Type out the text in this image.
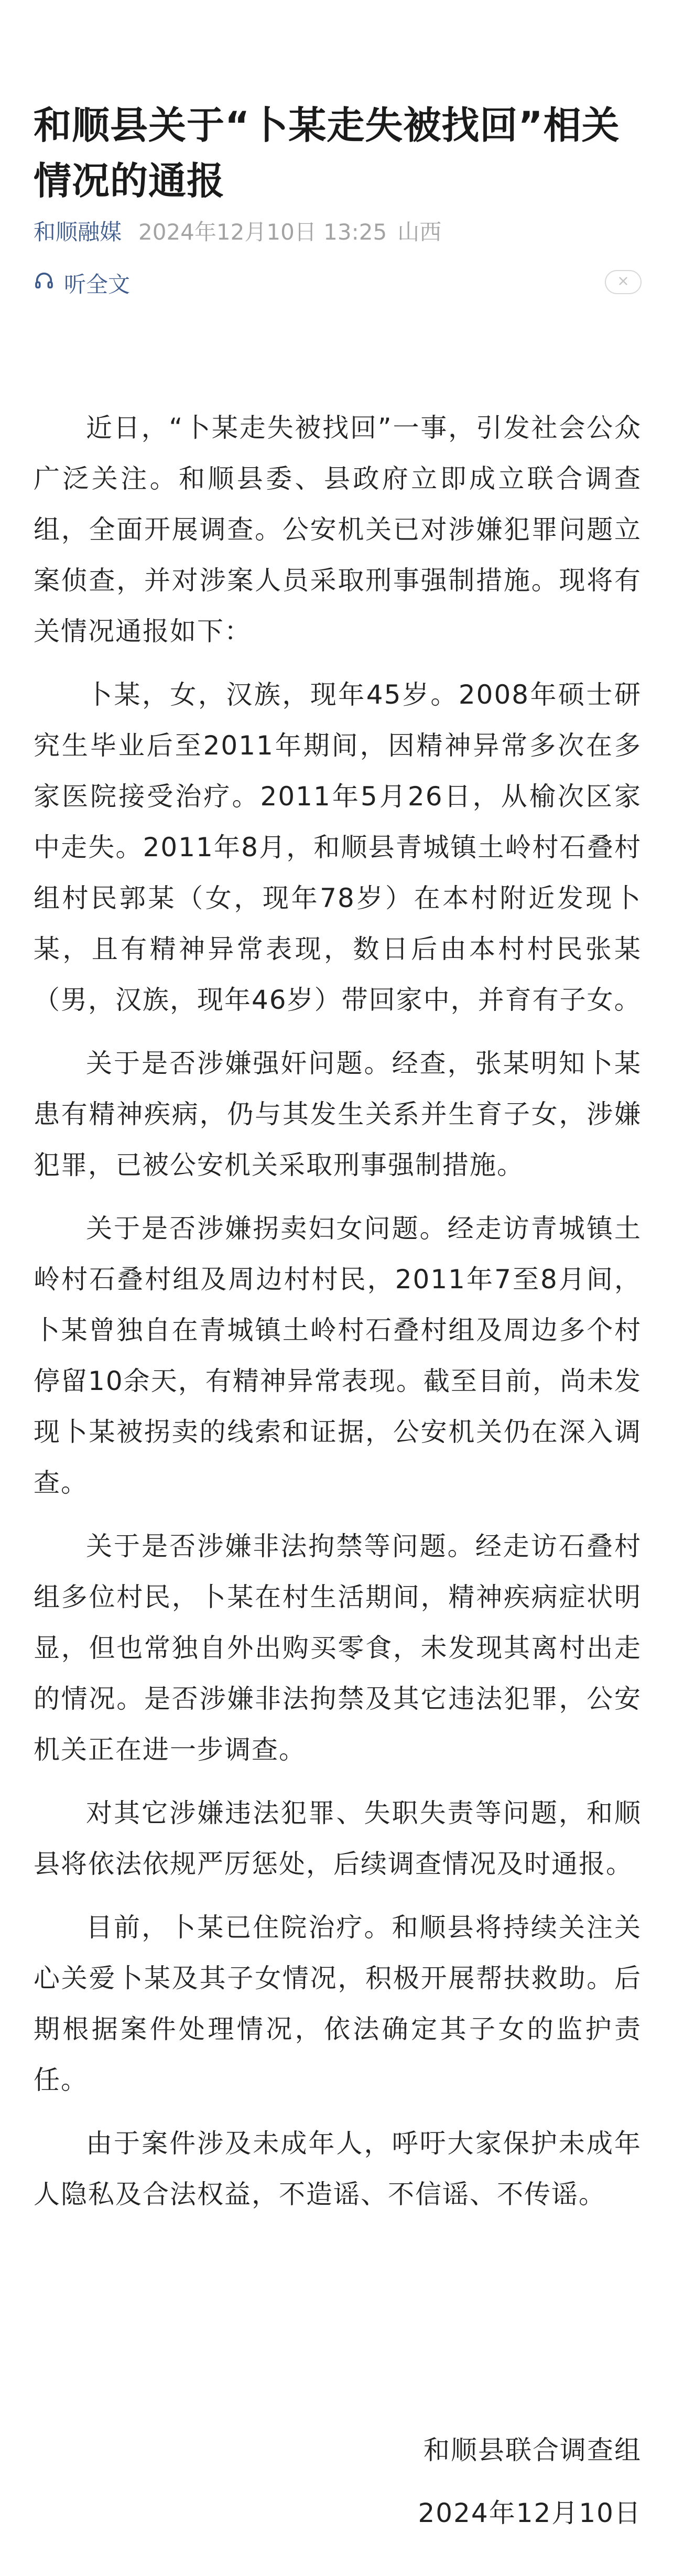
和顺县关于“卜某走失被找回”相关情况的通报
和顺融媒 2024年12月10日 13:25 山西
听全文

近日，“卜某走失被找回”一事，引发社会公众广泛关注。和顺县委、县政府立即成立联合调查组，全面开展调查。公安机关已对涉嫌犯罪问题立案侦查，并对涉案人员采取刑事强制措施。现将有关情况通报如下：

卜某，女，汉族，现年45岁。2008年硕士研究生毕业后至2011年期间，因精神异常多次在多家医院接受治疗。2011年5月26日，从榆次区家中走失。2011年8月，和顺县青城镇土岭村石叠村组村民郭某（女，现年78岁）在本村附近发现卜某，且有精神异常表现，数日后由本村村民张某（男，汉族，现年46岁）带回家中，并育有子女。

关于是否涉嫌强奸问题。经查，张某明知卜某患有精神疾病，仍与其发生关系并生育子女，涉嫌犯罪，已被公安机关采取刑事强制措施。

关于是否涉嫌拐卖妇女问题。经走访青城镇土岭村石叠村组及周边村村民，2011年7至8月间，卜某曾独自在青城镇土岭村石叠村组及周边多个村停留10余天，有精神异常表现。截至目前，尚未发现卜某被拐卖的线索和证据，公安机关仍在深入调查。

关于是否涉嫌非法拘禁等问题。经走访石叠村组多位村民，卜某在村生活期间，精神疾病症状明显，但也常独自外出购买零食，未发现其离村出走的情况。是否涉嫌非法拘禁及其它违法犯罪，公安机关正在进一步调查。

对其它涉嫌违法犯罪、失职失责等问题，和顺县将依法依规严厉惩处，后续调查情况及时通报。

目前，卜某已住院治疗。和顺县将持续关注关心关爱卜某及其子女情况，积极开展帮扶救助。后期根据案件处理情况，依法确定其子女的监护责任。

由于案件涉及未成年人，呼吁大家保护未成年人隐私及合法权益，不造谣、不信谣、不传谣。

和顺县联合调查组

2024年12月10日
